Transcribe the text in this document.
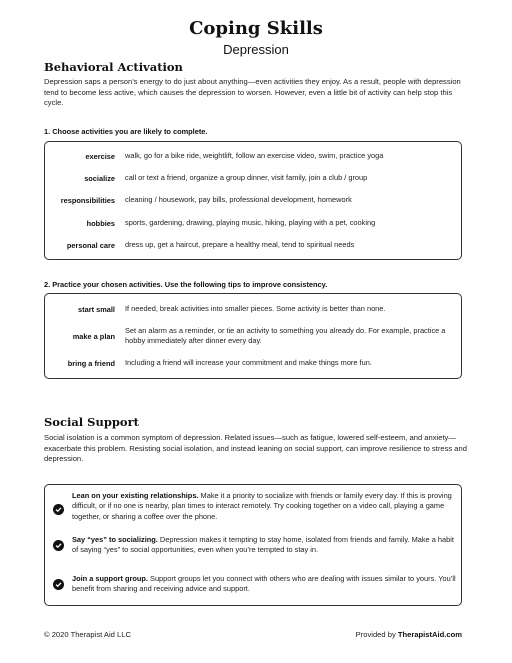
Coping Skills
Depression
Behavioral Activation
Depression saps a person’s energy to do just about anything—even activities they enjoy. As a result, people with depression tend to become less active, which causes the depression to worsen. However, even a little bit of activity can help stop this cycle.
1. Choose activities you are likely to complete.
exercise walk, go for a bike ride, weightlift, follow an exercise video, swim, practice yoga
socialize call or text a friend, organize a group dinner, visit family, join a club / group
responsibilities cleaning / housework, pay bills, professional development, homework
hobbies sports, gardening, drawing, playing music, hiking, playing with a pet, cooking
personal care dress up, get a haircut, prepare a healthy meal, tend to spiritual needs
2. Practice your chosen activities. Use the following tips to improve consistency.
start small If needed, break activities into smaller pieces. Some activity is better than none.
make a plan
Set an alarm as a reminder, or tie an activity to something you already do. For example, practice a hobby immediately after dinner every day.
bring a friend Including a friend will increase your commitment and make things more fun.
Social Support
Social isolation is a common symptom of depression. Related issues—such as fatigue, lowered self-esteem, and anxiety—exacerbate this problem. Resisting social isolation, and instead leaning on social support, can improve resilience to stress and depression.
Lean on your existing relationships. Make it a priority to socialize with friends or family every day. If this is proving difficult, or if no one is nearby, plan times to interact remotely. Try cooking together on a video call, playing a game together, or sharing a coffee over the phone.
Say “yes” to socializing. Depression makes it tempting to stay home, isolated from friends and family. Make a habit of saying “yes” to social opportunities, even when you’re tempted to stay in.
Join a support group. Support groups let you connect with others who are dealing with issues similar to yours. You’ll benefit from sharing and receiving advice and support.
© 2020 Therapist Aid LLC	Provided by TherapistAid.com
